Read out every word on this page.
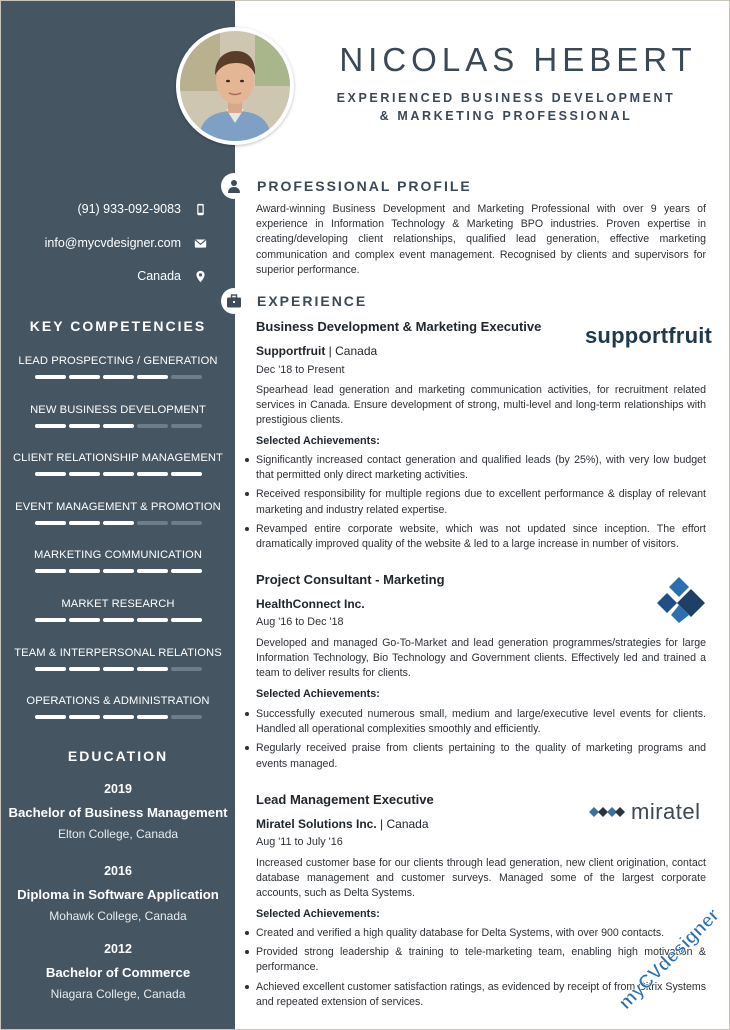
(91) 933-092-9083
info@mycvdesigner.com
Canada
KEY COMPETENCIES
LEAD PROSPECTING / GENERATION
NEW BUSINESS DEVELOPMENT
CLIENT RELATIONSHIP MANAGEMENT
EVENT MANAGEMENT & PROMOTION
MARKETING COMMUNICATION
MARKET RESEARCH
TEAM & INTERPERSONAL RELATIONS
OPERATIONS & ADMINISTRATION
EDUCATION
2019
Bachelor of Business Management
Elton College, Canada
2016
Diploma in Software Application
Mohawk College, Canada
2012
Bachelor of Commerce
Niagara College, Canada
NICOLAS HEBERT
EXPERIENCED BUSINESS DEVELOPMENT
& MARKETING PROFESSIONAL
PROFESSIONAL PROFILE
Award-winning Business Development and Marketing Professional with over 9 years of experience in Information Technology & Marketing BPO industries. Proven expertise in creating/developing client relationships, qualified lead generation, effective marketing communication and complex event management. Recognised by clients and supervisors for superior performance.
EXPERIENCE
Business Development & Marketing Executive supportfruit
Supportfruit | Canada
Dec '18 to Present
Spearhead lead generation and marketing communication activities, for recruitment related services in Canada. Ensure development of strong, multi-level and long-term relationships with prestigious clients.
Selected Achievements:
Significantly increased contact generation and qualified leads (by 25%), with very low budget that permitted only direct marketing activities.
Received responsibility for multiple regions due to excellent performance & display of relevant marketing and industry related expertise.
Revamped entire corporate website, which was not updated since inception. The effort dramatically improved quality of the website & led to a large increase in number of visitors.
Project Consultant - Marketing
HealthConnect Inc.
Aug '16 to Dec '18
Developed and managed Go-To-Market and lead generation programmes/strategies for large Information Technology, Bio Technology and Government clients. Effectively led and trained a team to deliver results for clients.
Selected Achievements:
Successfully executed numerous small, medium and large/executive level events for clients. Handled all operational complexities smoothly and efficiently.
Regularly received praise from clients pertaining to the quality of marketing programs and events managed.
Lead Management Executive	miratel
Miratel Solutions Inc. | Canada
Aug '11 to July '16
Increased customer base for our clients through lead generation, new client origination, contact database management and customer surveys. Managed some of the largest corporate accounts, such as Delta Systems.
Selected Achievements:
Created and verified a high quality database for Delta Systems, with over 900 contacts.
Provided strong leadership & training to tele-marketing team, enabling high motivation & performance.
Achieved excellent customer satisfaction ratings, as evidenced by receipt of from Citrix Systems and repeated extension of services.	myCVdesigner
